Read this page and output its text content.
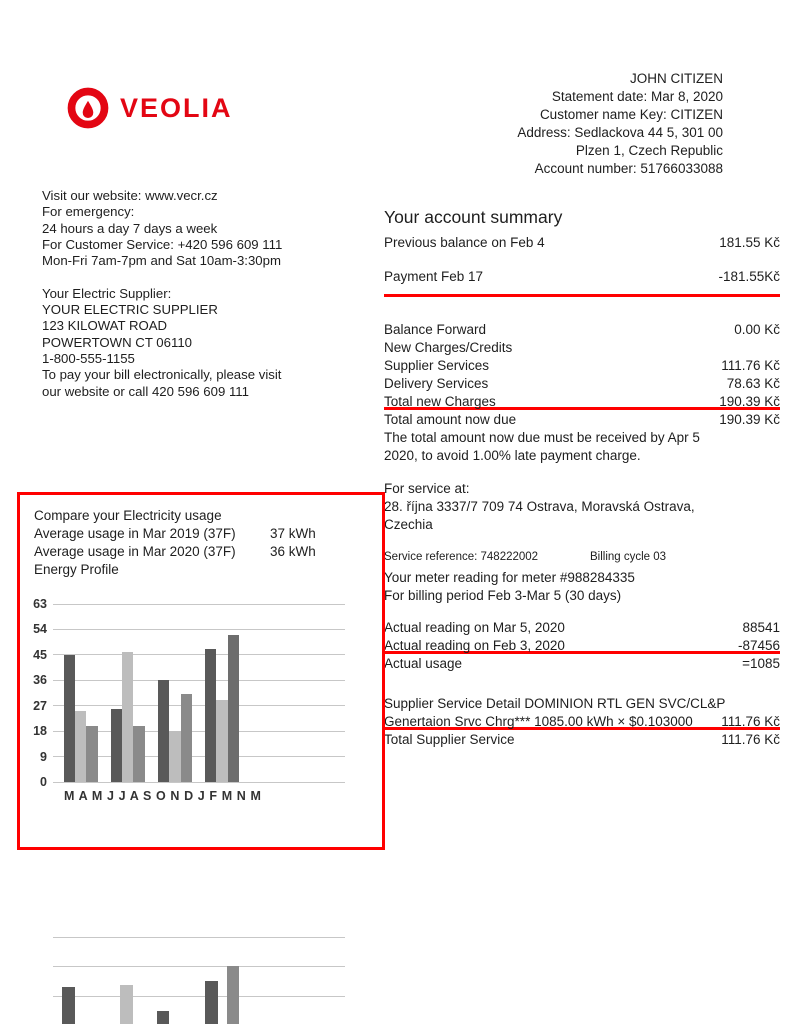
VEOLIA
JOHN CITIZEN
Statement date: Mar 8, 2020
Customer name Key: CITIZEN
Address: Sedlackova 44 5, 301 00
Plzen 1, Czech Republic
Account number: 51766033088
Visit our website: www.vecr.cz
For emergency:
24 hours a day 7 days a week
For Customer Service: +420 596 609 111
Mon-Fri 7am-7pm and Sat 10am-3:30pm
Your Electric Supplier:
YOUR ELECTRIC SUPPLIER
123 KILOWAT ROAD
POWERTOWN CT 06110
1-800-555-1155
To pay your bill electronically, please visit
our website or call 420 596 609 111
Your account summary
Previous balance on Feb 4	181.55 Kč
Payment Feb 17	-181.55Kč
Balance Forward	0.00 Kč
New Charges/Credits
Supplier Services	111.76 Kč
Delivery Services	78.63 Kč
Total new Charges	190.39 Kč
Total amount now due	190.39 Kč
The total amount now due must be received by Apr 5
2020, to avoid 1.00% late payment charge.
For service at:
28. října 3337/7 709 74 Ostrava, Moravská Ostrava,
Czechia
Service reference: 748222002	Billing cycle 03
Your meter reading for meter #988284335
For billing period Feb 3-Mar 5 (30 days)
Actual reading on Mar 5, 2020	88541
Actual reading on Feb 3, 2020	-87456
Actual usage	=1085
Supplier Service Detail DOMINION RTL GEN SVC/CL&P
Genertaion Srvc Chrg*** 1085.00 kWh × $0.103000 111.76 Kč
Total Supplier Service	111.76 Kč
Compare your Electricity usage
Average usage in Mar 2019 (37F)	37 kWh
Average usage in Mar 2020 (37F)	36 kWh
Energy Profile
0
9
18
27
36
45
54
63
M A M J J A S O N D J F M N M
